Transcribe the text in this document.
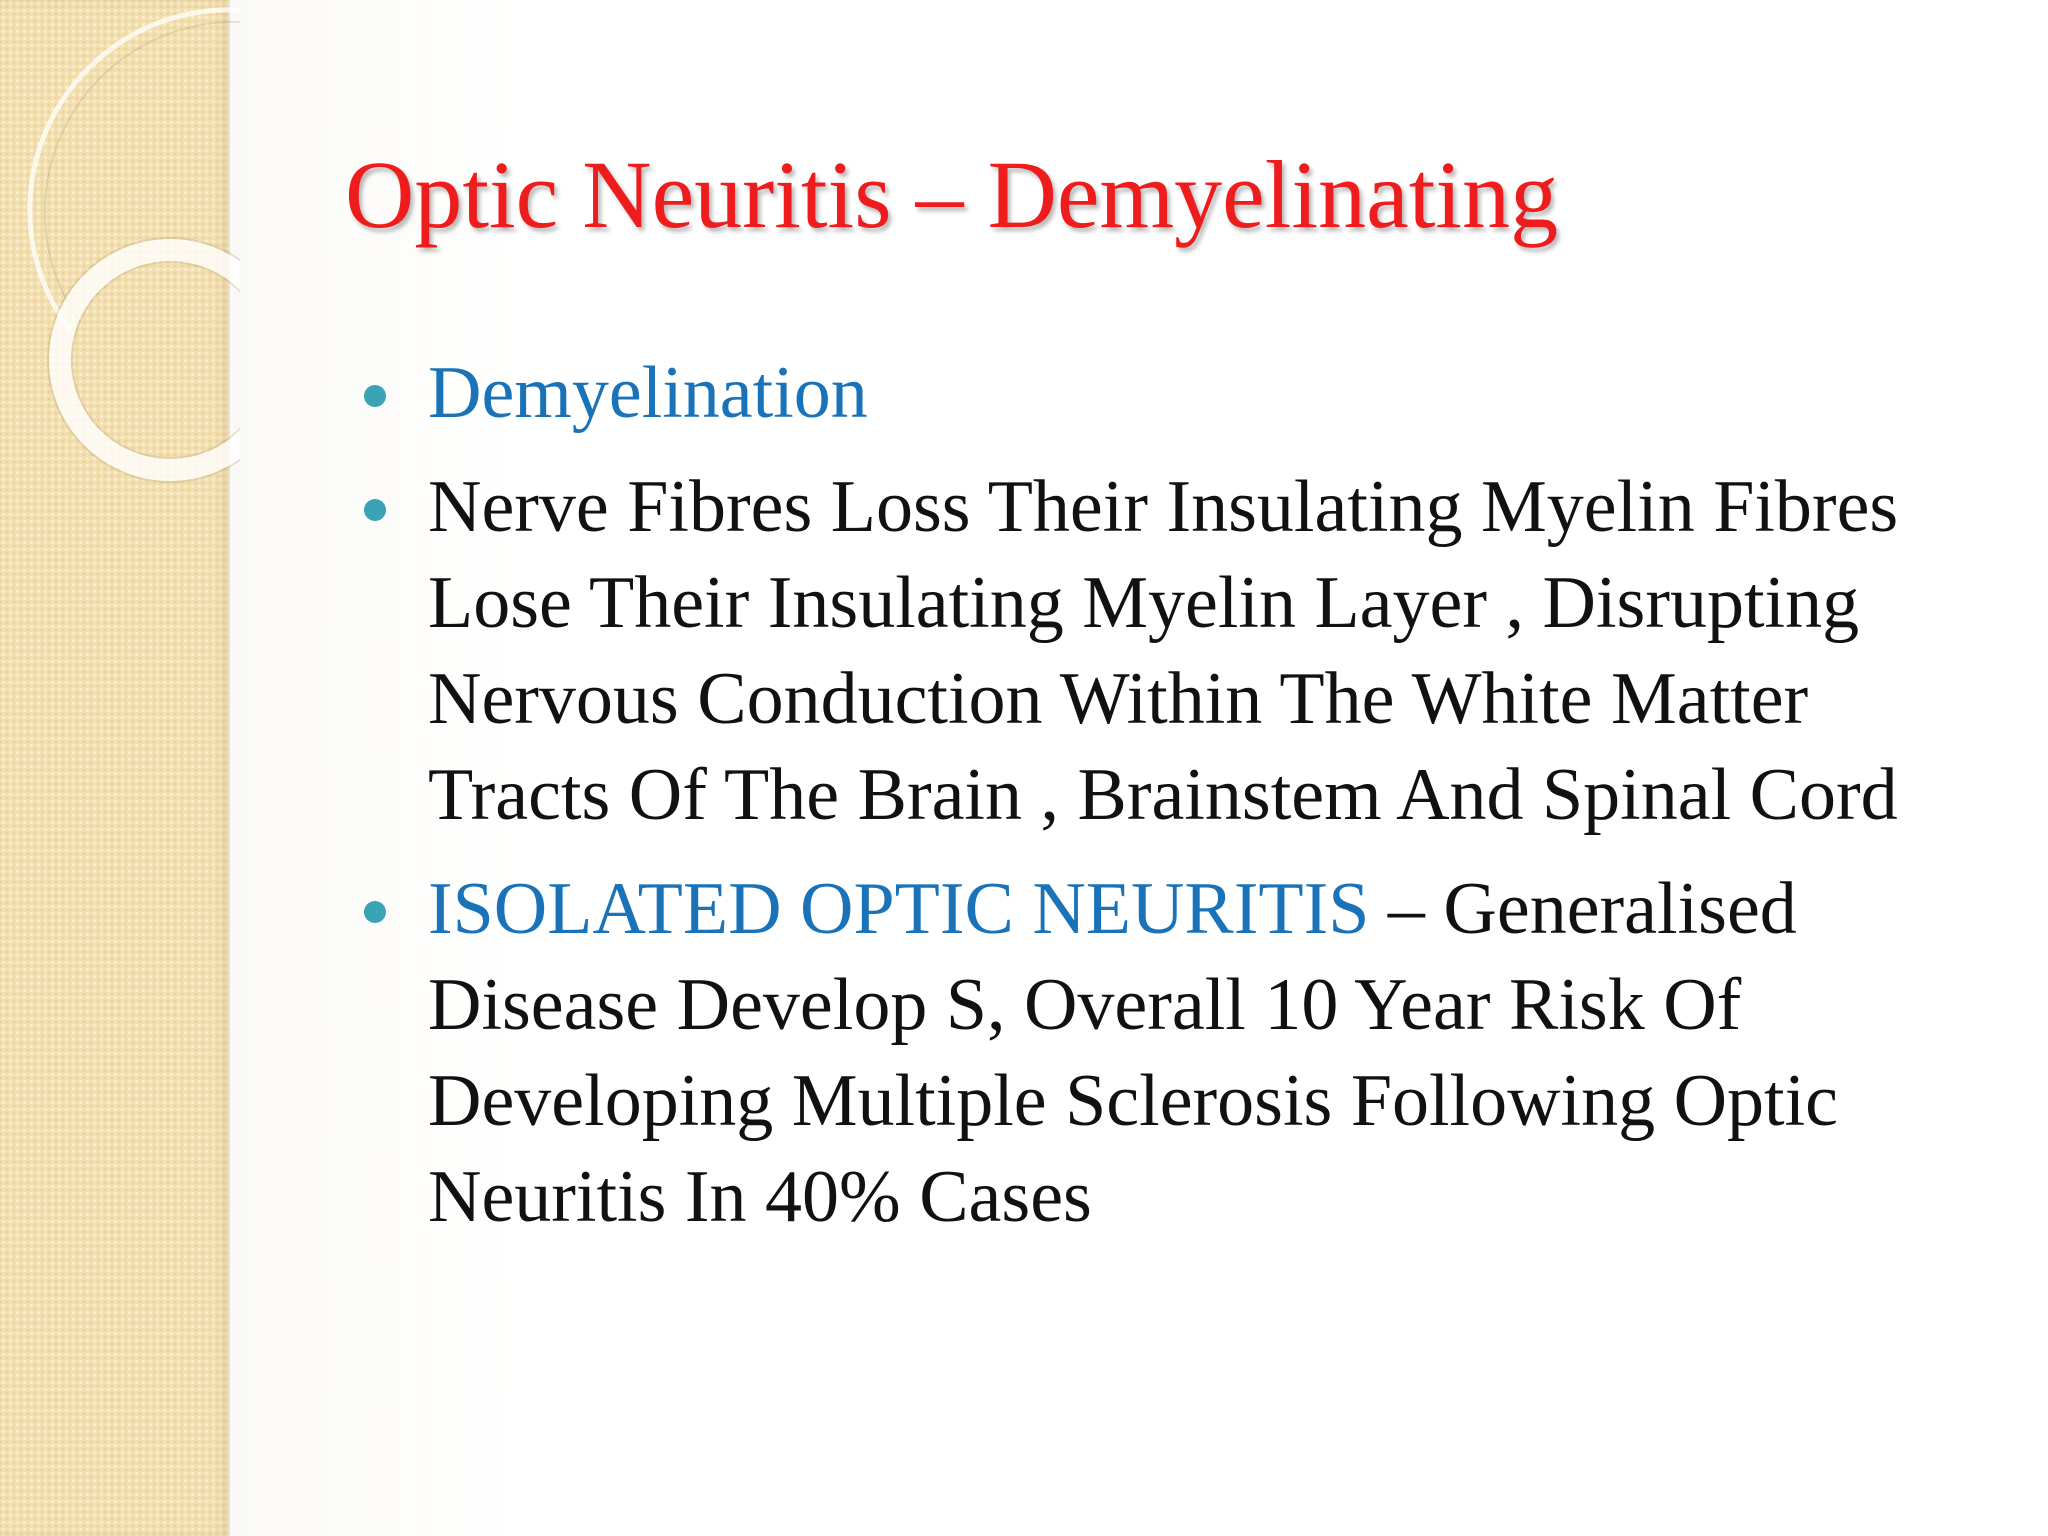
Optic Neuritis – Demyelinating
Demyelination
Nerve Fibres Loss Their Insulating Myelin Fibres Lose Their Insulating Myelin Layer , Disrupting Nervous Conduction Within The White Matter Tracts Of The Brain , Brainstem And Spinal Cord
ISOLATED OPTIC NEURITIS – Generalised Disease Develop S, Overall 10 Year Risk Of Developing Multiple Sclerosis Following Optic Neuritis In 40% Cases
